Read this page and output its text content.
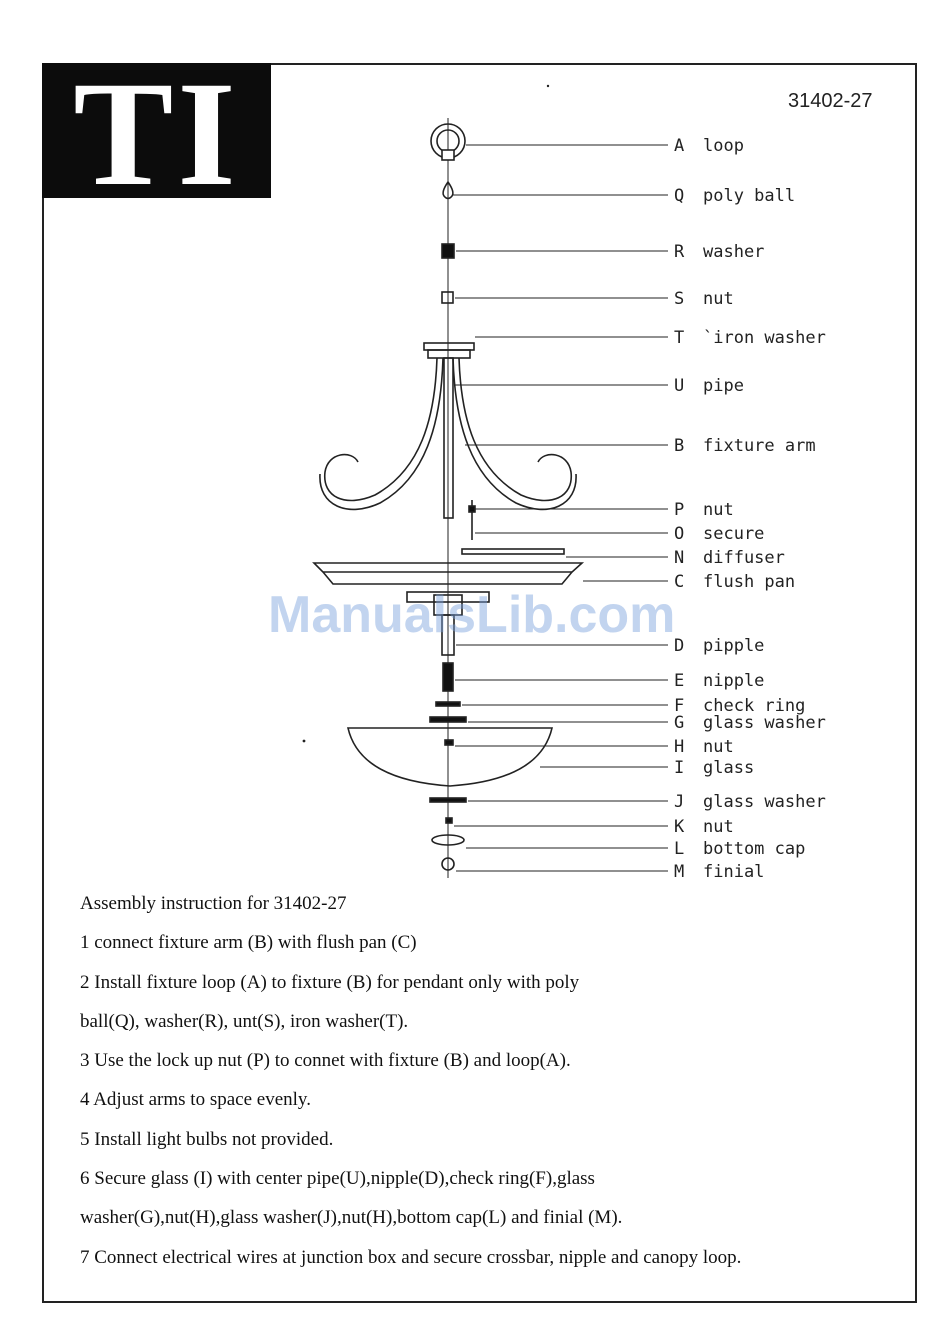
TI	31402-27
A loop
Q poly ball
R washer
S nut
T `iron washer
U pipe
B fixture arm
P nut
O secure
N diffuser
C flush pan
D pipple
E nipple
F check ring
G glass washer
H nut
I glass
J glass washer
K nut
L bottom cap
M finial
ManualsLib.com
Assembly instruction for 31402-27
1 connect fixture arm (B) with flush pan (C)
2 Install fixture loop (A) to fixture (B) for pendant only with poly
ball(Q), washer(R), unt(S), iron washer(T).
3 Use the lock up nut (P) to connet with fixture (B) and loop(A).
4 Adjust arms to space evenly.
5 Install light bulbs not provided.
6 Secure glass (I) with center pipe(U),nipple(D),check ring(F),glass
washer(G),nut(H),glass washer(J),nut(H),bottom cap(L) and finial (M).
7 Connect electrical wires at junction box and secure crossbar, nipple and canopy loop.
